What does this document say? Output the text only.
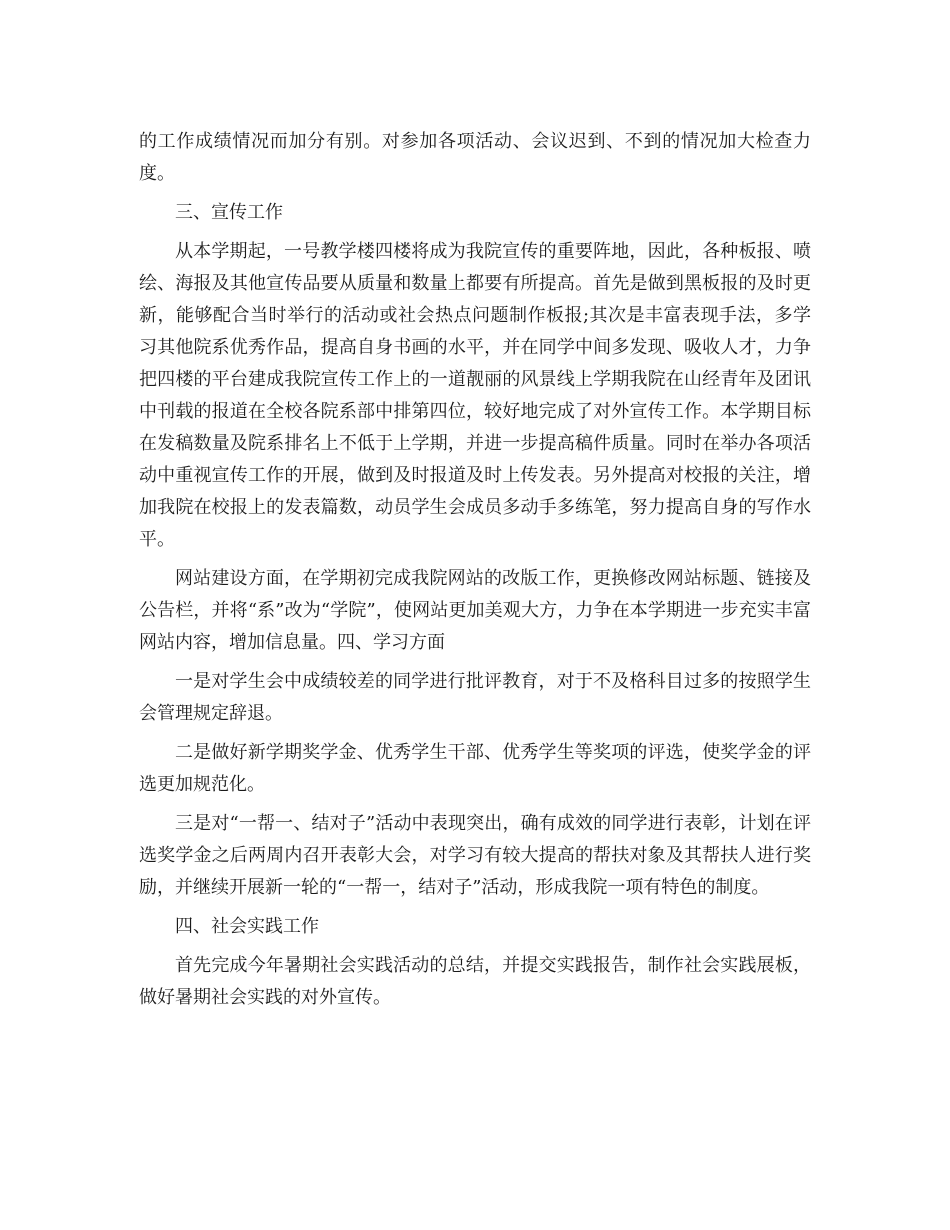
的工作成绩情况而加分有别。对参加各项活动、会议迟到、不到的情况加大检查力度。

三、宣传工作

从本学期起，一号教学楼四楼将成为我院宣传的重要阵地，因此，各种板报、喷绘、海报及其他宣传品要从质量和数量上都要有所提高。首先是做到黑板报的及时更新，能够配合当时举行的活动或社会热点问题制作板报;其次是丰富表现手法，多学习其他院系优秀作品，提高自身书画的水平，并在同学中间多发现、吸收人才，力争把四楼的平台建成我院宣传工作上的一道靓丽的风景线上学期我院在山经青年及团讯中刊载的报道在全校各院系部中排第四位，较好地完成了对外宣传工作。本学期目标在发稿数量及院系排名上不低于上学期，并进一步提高稿件质量。同时在举办各项活动中重视宣传工作的开展，做到及时报道及时上传发表。另外提高对校报的关注，增加我院在校报上的发表篇数，动员学生会成员多动手多练笔，努力提高自身的写作水平。

网站建设方面，在学期初完成我院网站的改版工作，更换修改网站标题、链接及公告栏，并将“系”改为“学院”，使网站更加美观大方，力争在本学期进一步充实丰富网站内容，增加信息量。四、学习方面

一是对学生会中成绩较差的同学进行批评教育，对于不及格科目过多的按照学生会管理规定辞退。

二是做好新学期奖学金、优秀学生干部、优秀学生等奖项的评选，使奖学金的评选更加规范化。

三是对“一帮一、结对子”活动中表现突出，确有成效的同学进行表彰，计划在评选奖学金之后两周内召开表彰大会，对学习有较大提高的帮扶对象及其帮扶人进行奖励，并继续开展新一轮的“一帮一，结对子”活动，形成我院一项有特色的制度。

四、社会实践工作

首先完成今年暑期社会实践活动的总结，并提交实践报告，制作社会实践展板，做好暑期社会实践的对外宣传。
